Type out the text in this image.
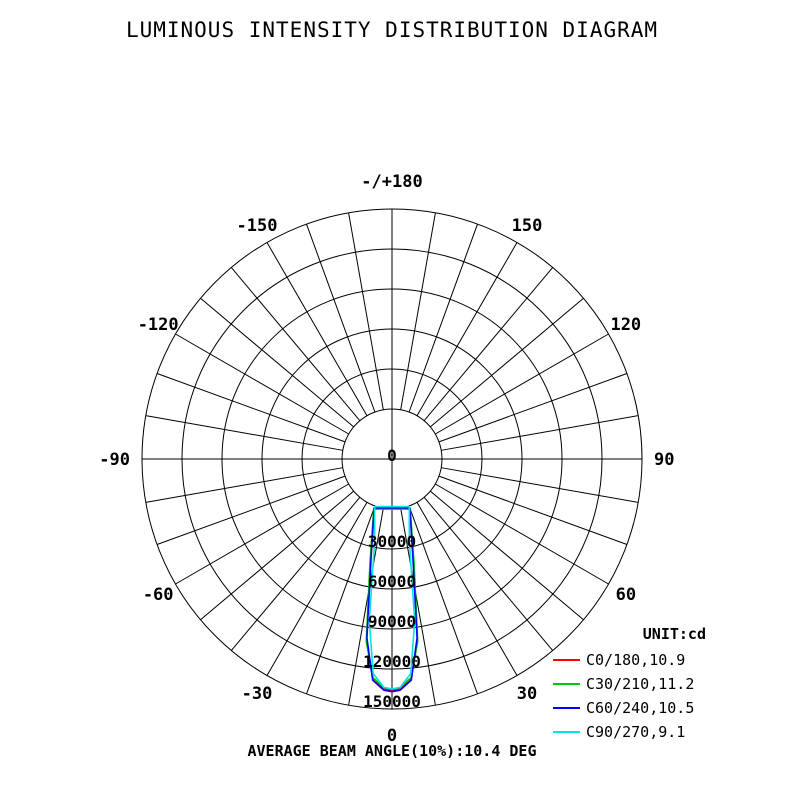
LUMINOUS INTENSITY DISTRIBUTION DIAGRAM
-/+180
-150	150
-120	120
-90	90
-60	60
-30	30
0
0
30000
60000
90000
120000
150000
UNIT:cd
C0/180,10.9
C30/210,11.2
C60/240,10.5
C90/270,9.1
AVERAGE BEAM ANGLE(10%):10.4 DEG
